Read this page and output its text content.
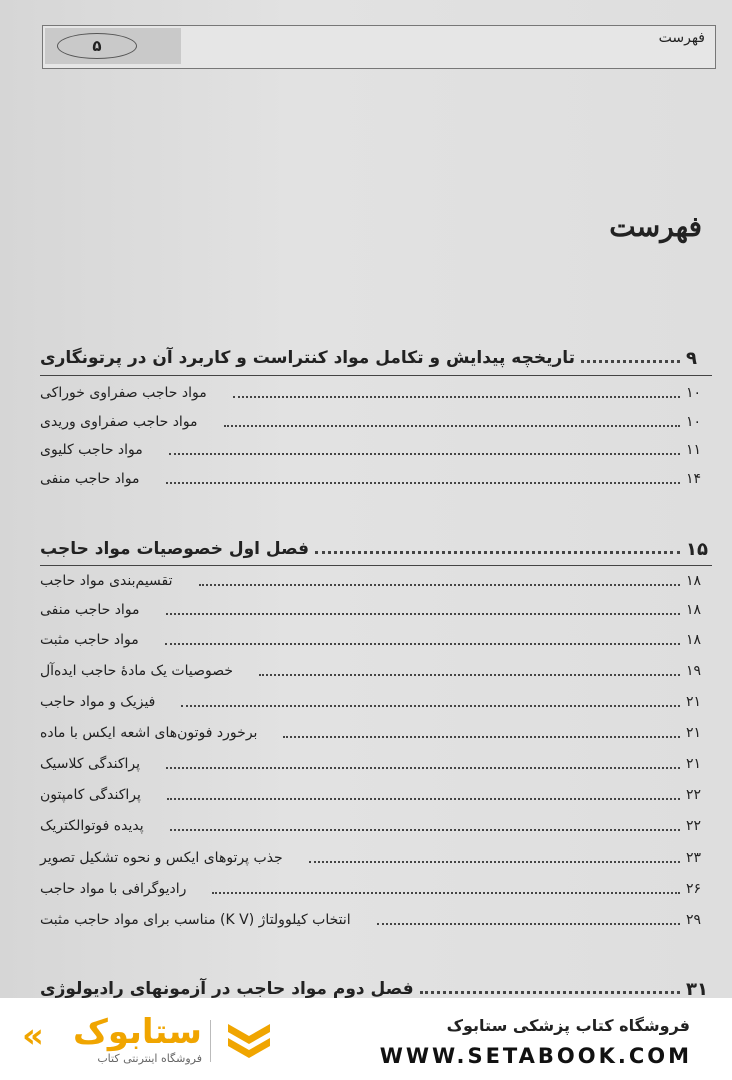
۵	فهرست
فهرست
تاریخچه پیدایش و تکامل مواد کنتراست و کاربرد آن در پرتونگاری	۹
مواد حاجب صفراوی خوراکی	۱۰
مواد حاجب صفراوی وریدی	۱۰
مواد حاجب کلیوی	۱۱
مواد حاجب منفی	۱۴
فصل اول خصوصیات مواد حاجب	۱۵
تقسیم‌بندی مواد حاجب	۱۸
مواد حاجب منفی	۱۸
مواد حاجب مثبت	۱۸
خصوصیات یک مادهٔ حاجب ایده‌آل	۱۹
فیزیک و مواد حاجب	۲۱
برخورد فوتون‌های اشعه ایکس با ماده	۲۱
پراکندگی کلاسیک	۲۱
پراکندگی کامپتون	۲۲
پدیده فوتوالکتریک	۲۲
جذب پرتوهای ایکس و نحوه تشکیل تصویر	۲۳
رادیوگرافی با مواد حاجب	۲۶
انتخاب کیلوولتاژ (K V) مناسب برای مواد حاجب مثبت	۲۹
فصل دوم مواد حاجب در آزمونهای رادیولوژی	۳۱
« ستابوک
فروشگاه اینترنتی کتاب
فروشگاه کتاب پزشکی ستابوک
WWW.SETABOOK.COM
